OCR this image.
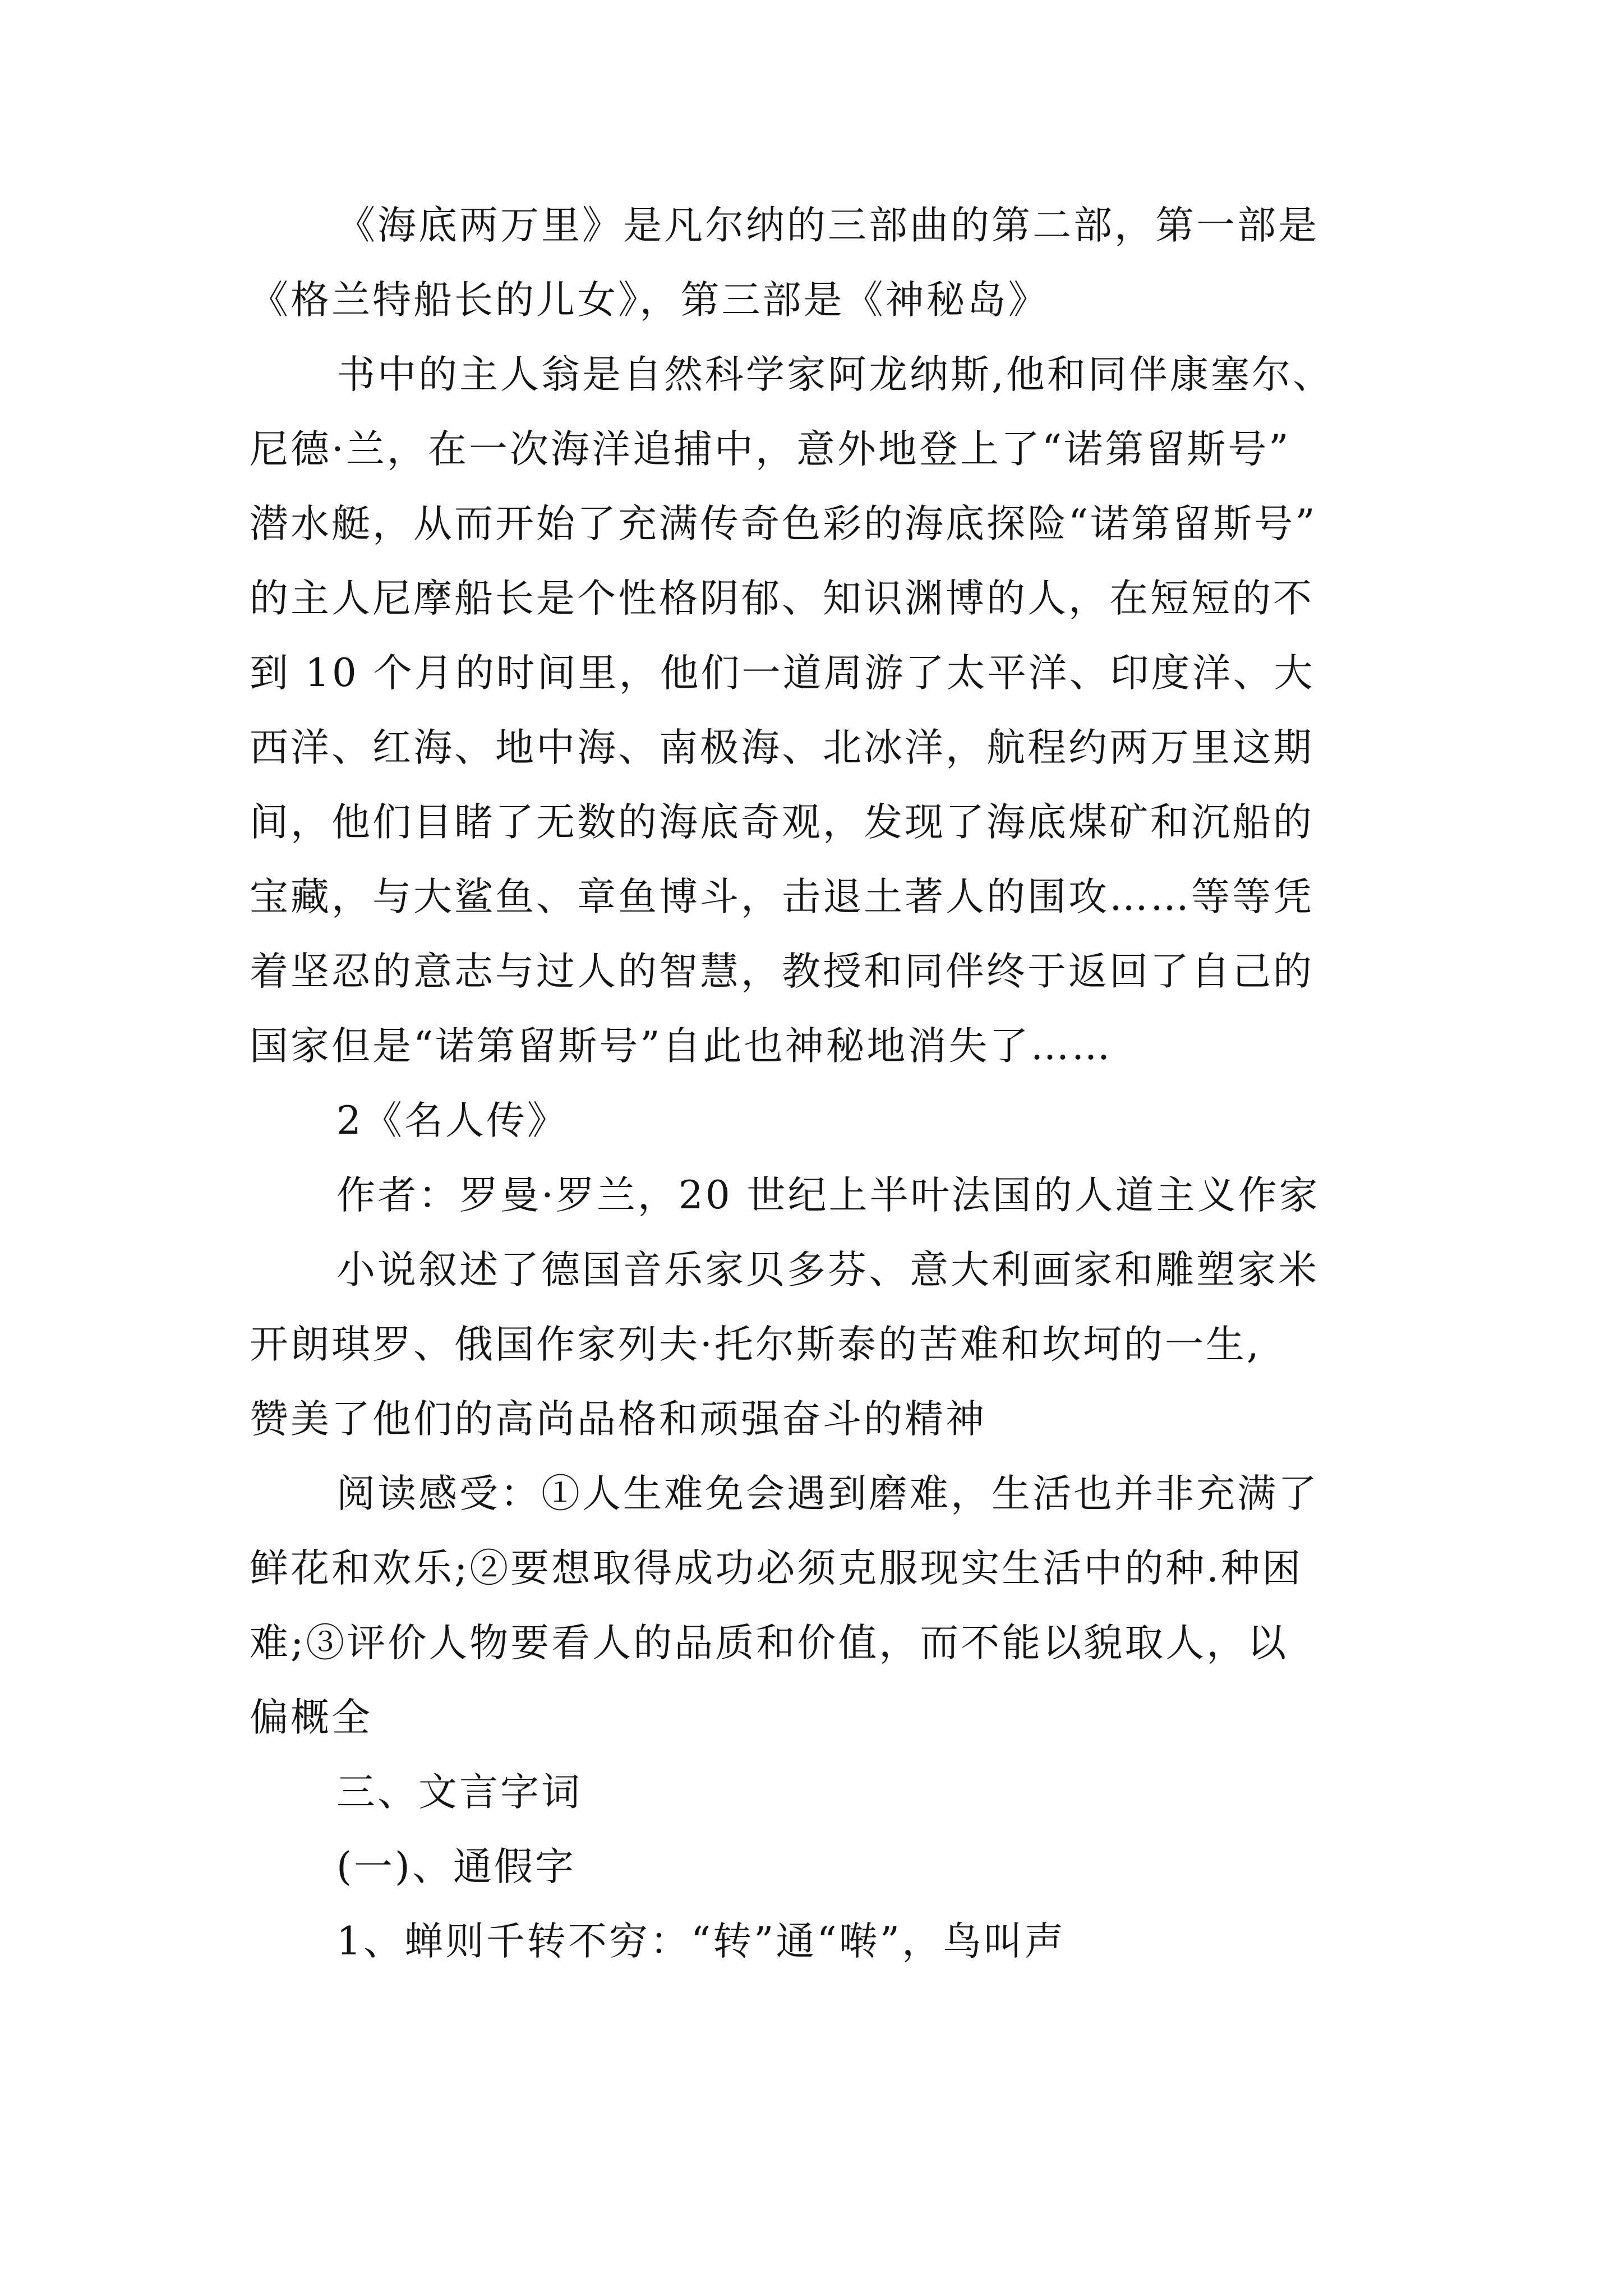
《海底两万里》是凡尔纳的三部曲的第二部，第一部是
《格兰特船长的儿女》，第三部是《神秘岛》
书中的主人翁是自然科学家阿龙纳斯,他和同伴康塞尔、
尼德·兰，在一次海洋追捕中，意外地登上了“诺第留斯号”
潜水艇，从而开始了充满传奇色彩的海底探险“诺第留斯号”
的主人尼摩船长是个性格阴郁、知识渊博的人，在短短的不
到 10 个月的时间里，他们一道周游了太平洋、印度洋、大
西洋、红海、地中海、南极海、北冰洋，航程约两万里这期
间，他们目睹了无数的海底奇观，发现了海底煤矿和沉船的
宝藏，与大鲨鱼、章鱼博斗，击退土著人的围攻……等等凭
着坚忍的意志与过人的智慧，教授和同伴终于返回了自己的
国家但是“诺第留斯号”自此也神秘地消失了……
2《名人传》
作者：罗曼·罗兰，20 世纪上半叶法国的人道主义作家
小说叙述了德国音乐家贝多芬、意大利画家和雕塑家米
开朗琪罗、俄国作家列夫·托尔斯泰的苦难和坎坷的一生,
赞美了他们的高尚品格和顽强奋斗的精神
阅读感受：①人生难免会遇到磨难，生活也并非充满了
鲜花和欢乐;②要想取得成功必须克服现实生活中的种.种困
难;③评价人物要看人的品质和价值，而不能以貌取人，以
偏概全
三、文言字词
(一)、通假字
1、蝉则千转不穷：“转”通“啭”，鸟叫声
